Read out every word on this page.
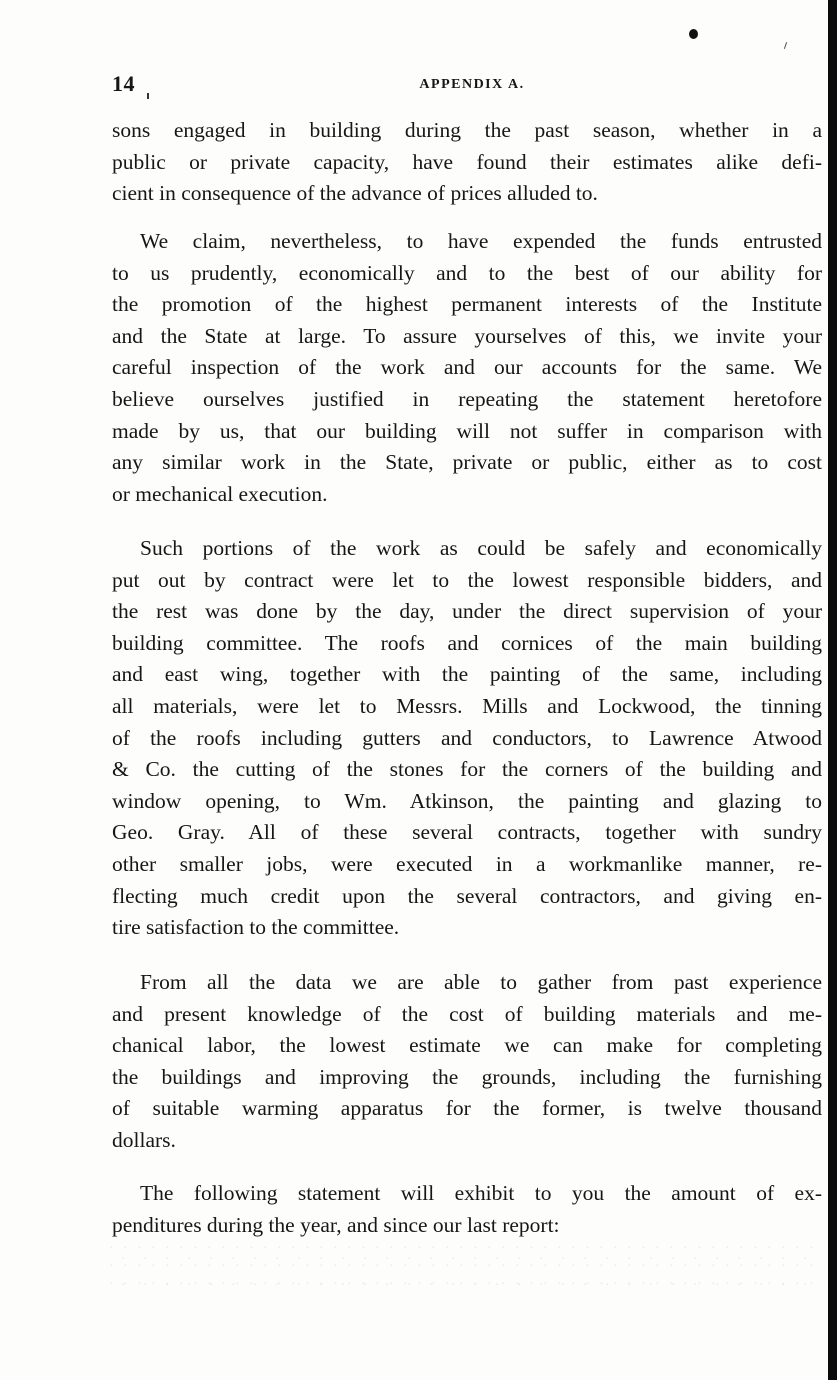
14	APPENDIX A.
sons engaged in building during the past season, whether in a
public or private capacity, have found their estimates alike defi-
cient in consequence of the advance of prices alluded to.
We claim, nevertheless, to have expended the funds entrusted
to us prudently, economically and to the best of our ability for
the promotion of the highest permanent interests of the Institute
and the State at large. To assure yourselves of this, we invite your
careful inspection of the work and our accounts for the same. We
believe ourselves justified in repeating the statement heretofore
made by us, that our building will not suffer in comparison with
any similar work in the State, private or public, either as to cost
or mechanical execution.
Such portions of the work as could be safely and economically
put out by contract were let to the lowest responsible bidders, and
the rest was done by the day, under the direct supervision of your
building committee. The roofs and cornices of the main building
and east wing, together with the painting of the same, including
all materials, were let to Messrs. Mills and Lockwood, the tinning
of the roofs including gutters and conductors, to Lawrence Atwood
& Co. the cutting of the stones for the corners of the building and
window opening, to Wm. Atkinson, the painting and glazing to
Geo. Gray. All of these several contracts, together with sundry
other smaller jobs, were executed in a workmanlike manner, re-
flecting much credit upon the several contractors, and giving en-
tire satisfaction to the committee.
From all the data we are able to gather from past experience
and present knowledge of the cost of building materials and me-
chanical labor, the lowest estimate we can make for completing
the buildings and improving the grounds, including the furnishing
of suitable warming apparatus for the former, is twelve thousand
dollars.
The following statement will exhibit to you the amount of ex-
penditures during the year, and since our last report:
